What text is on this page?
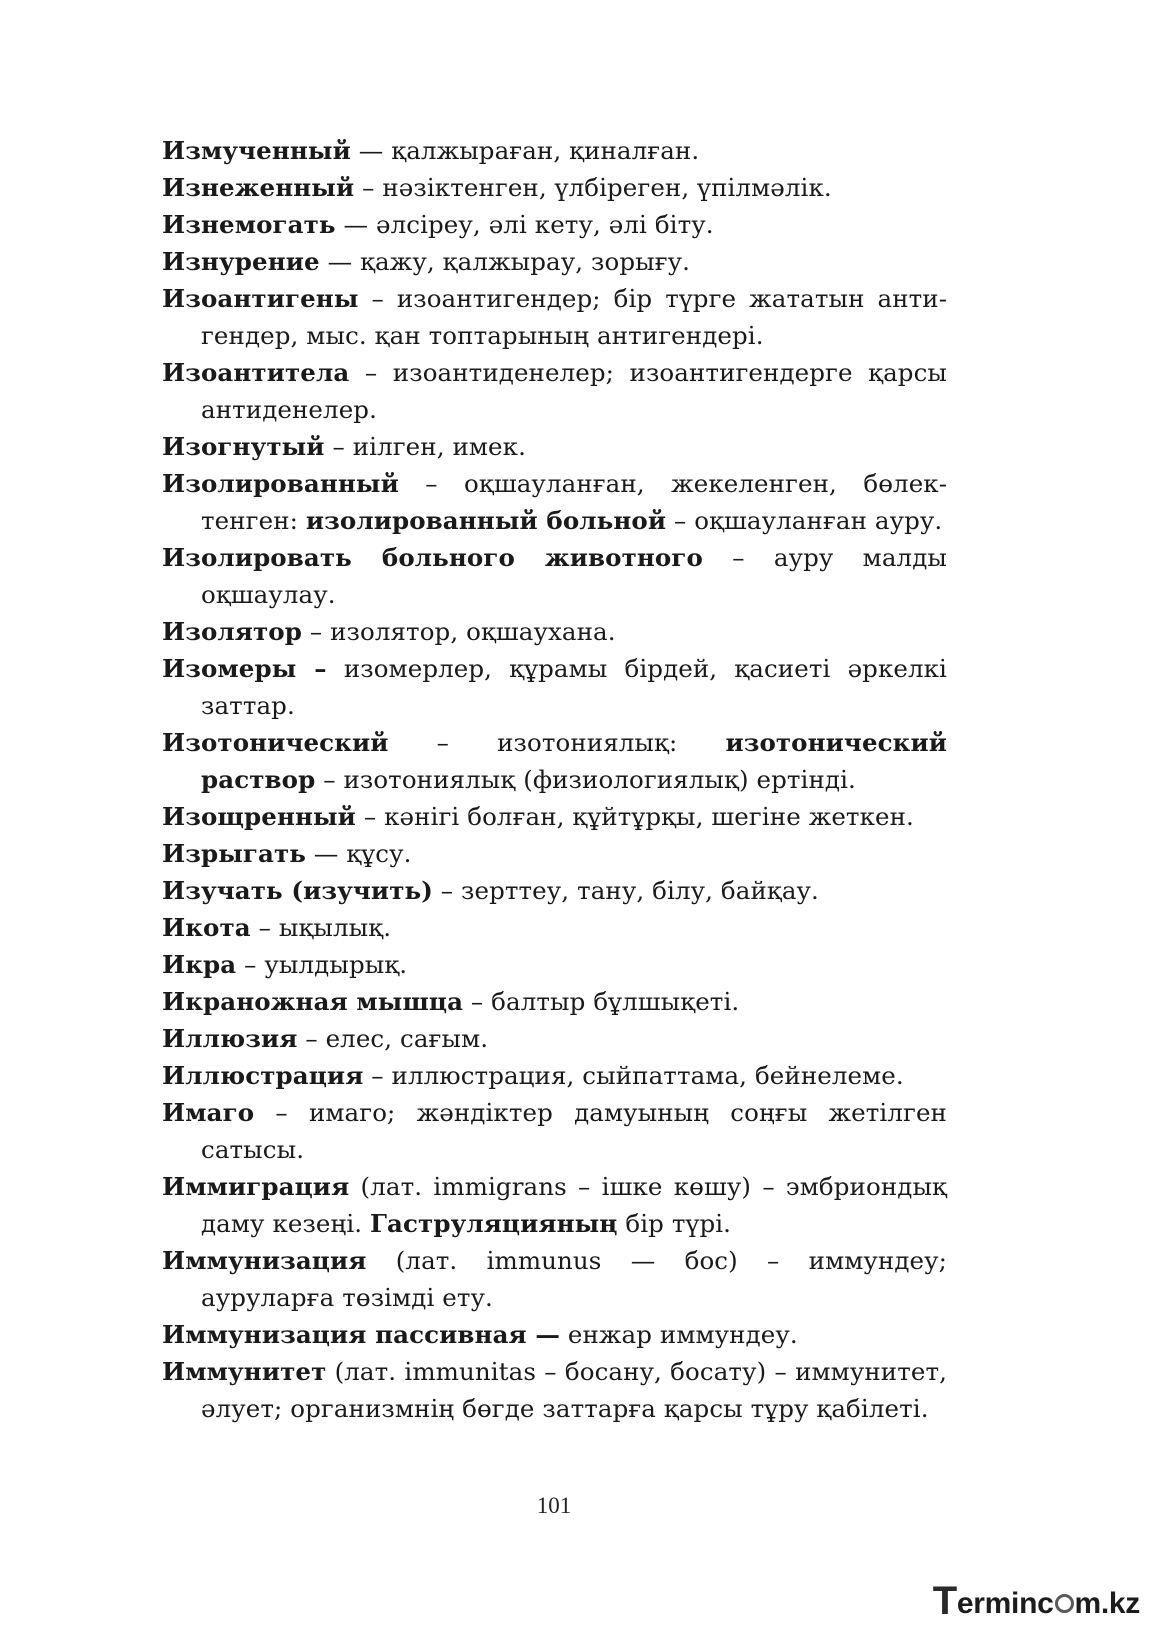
Измученный — қалжыраған, қиналған.

Изнеженный – нәзіктенген, үлбіреген, үпілмәлік.

Изнемогать — әлсіреу, әлі кету, әлі біту.

Изнурение — қажу, қалжырау, зорығу.

Изоантигены – изоантигендер; бір түрге жататын антигендер, мыс. қан топтарының антигендері.

Изоантитела – изоантиденелер; изоантигендерге қарсы антиденелер.

Изогнутый – иілген, имек.

Изолированный – оқшауланған, жекеленген, бөлектенген: изолированный больной – оқшауланған ауру.

Изолировать больного животного – ауру малды оқшаулау.

Изолятор – изолятор, оқшаухана.

Изомеры – изомерлер, құрамы бірдей, қасиеті әркелкі заттар.

Изотонический – изотониялық: изотонический раствор – изотониялық (физиологиялық) ертінді.

Изощренный – кәнігі болған, құйтұрқы, шегіне жеткен.

Изрыгать — құсу.

Изучать (изучить) – зерттеу, тану, білу, байқау.

Икота – ықылық.

Икра – уылдырық.

Икраножная мышца – балтыр бұлшықеті.

Иллюзия – елес, сағым.

Иллюстрация – иллюстрация, сыйпаттама, бейнелеме.

Имаго – имаго; жәндіктер дамуының соңғы жетілген сатысы.

Иммиграция (лат. immigrans – ішке көшу) – эмбриондық даму кезеңі. Гаструляцияның бір түрі.

Иммунизация (лат. immunus — бос) – иммундеу; ауруларға төзімді ету.

Иммунизация пассивная — енжар иммундеу.

Иммунитет (лат. immunitas – босану, босату) – иммунитет, әлует; организмнің бөгде заттарға қарсы тұру қабілеті.

101
T erminc m.kz
